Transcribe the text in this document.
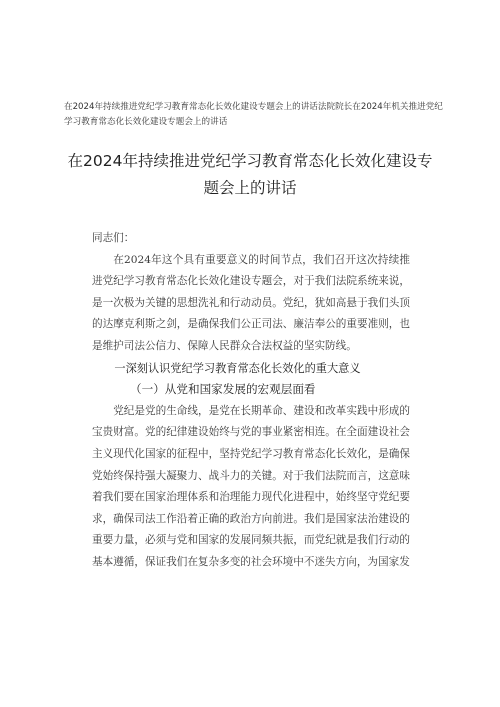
在2024年持续推进党纪学习教育常态化长效化建设专题会上的讲话法院院长在2024年机关推进党纪学习教育常态化长效化建设专题会上的讲话
在2024年持续推进党纪学习教育常态化长效化建设专题会上的讲话

同志们：

在2024年这个具有重要意义的时间节点，我们召开这次持续推进党纪学习教育常态化长效化建设专题会，对于我们法院系统来说，是一次极为关键的思想洗礼和行动动员。党纪，犹如高悬于我们头顶的达摩克利斯之剑，是确保我们公正司法、廉洁奉公的重要准则，也是维护司法公信力、保障人民群众合法权益的坚实防线。

一深刻认识党纪学习教育常态化长效化的重大意义

（一）从党和国家发展的宏观层面看

党纪是党的生命线，是党在长期革命、建设和改革实践中形成的宝贵财富。党的纪律建设始终与党的事业紧密相连。在全面建设社会主义现代化国家的征程中，坚持党纪学习教育常态化长效化，是确保党始终保持强大凝聚力、战斗力的关键。对于我们法院而言，这意味着我们要在国家治理体系和治理能力现代化进程中，始终坚守党纪要求，确保司法工作沿着正确的政治方向前进。我们是国家法治建设的重要力量，必须与党和国家的发展同频共振，而党纪就是我们行动的基本遵循，保证我们在复杂多变的社会环境中不迷失方向，为国家发
